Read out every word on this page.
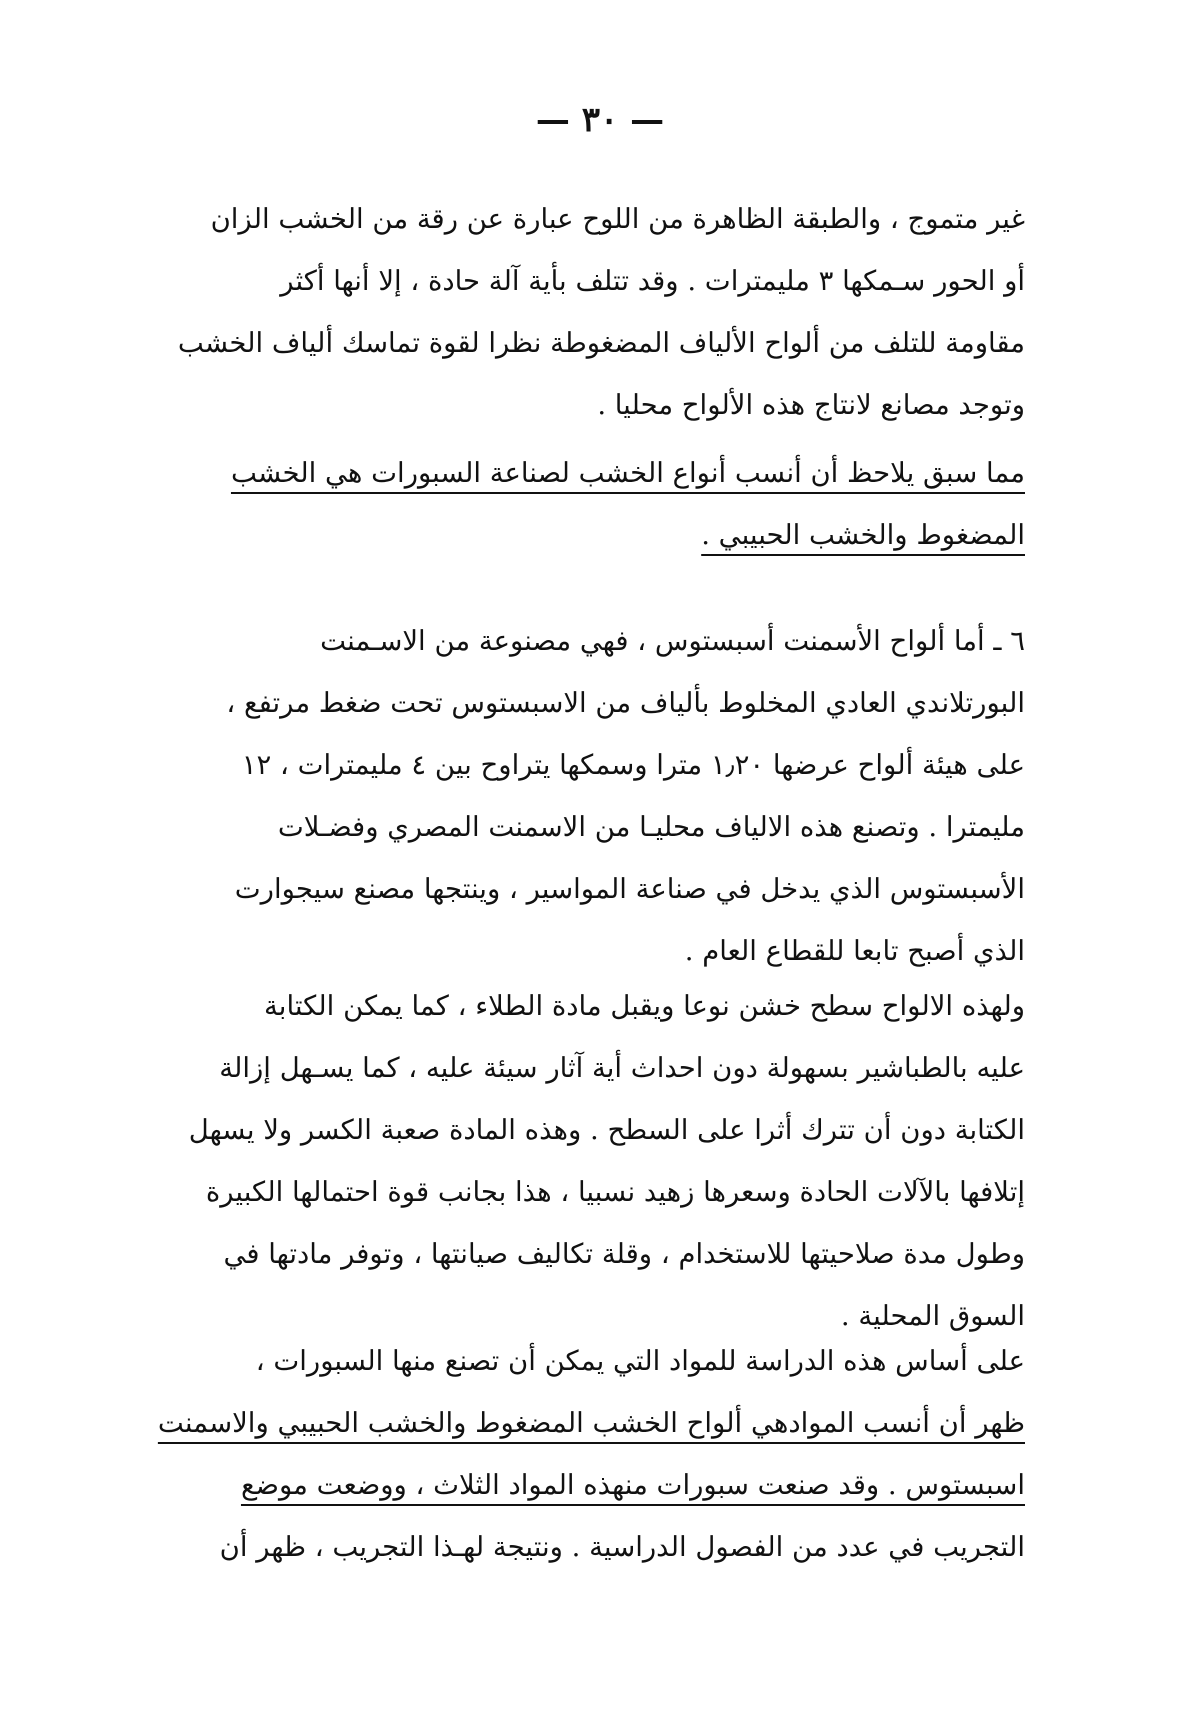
— ٣٠ —
غير متموج ، والطبقة الظاهرة من اللوح عبارة عن رقة من الخشب الزان
أو الحور سـمكها ٣ مليمترات . وقد تتلف بأية آلة حادة ، إلا أنها أكثر
مقاومة للتلف من ألواح الألياف المضغوطة نظرا لقوة تماسك ألياف الخشب
وتوجد مصانع لانتاج هذه الألواح محليا .
مما سبق يلاحظ أن أنسب أنواع الخشب لصناعة السبورات هي الخشب
المضغوط والخشب الحبيبي .
٦ ـ أما ألواح الأسمنت أسبستوس ، فهي مصنوعة من الاسـمنت
البورتلاندي العادي المخلوط بألياف من الاسبستوس تحت ضغط مرتفع ،
على هيئة ألواح عرضها ١٫٢٠ مترا وسمكها يتراوح بين ٤ مليمترات ، ١٢
مليمترا . وتصنع هذه الالياف محليـا من الاسمنت المصري وفضـلات
الأسبستوس الذي يدخل في صناعة المواسير ، وينتجها مصنع سيجوارت
الذي أصبح تابعا للقطاع العام .
ولهذه الالواح سطح خشن نوعا ويقبل مادة الطلاء ، كما يمكن الكتابة
عليه بالطباشير بسهولة دون احداث أية آثار سيئة عليه ، كما يسـهل إزالة
الكتابة دون أن تترك أثرا على السطح . وهذه المادة صعبة الكسر ولا يسهل
إتلافها بالآلات الحادة وسعرها زهيد نسبيا ، هذا بجانب قوة احتمالها الكبيرة
وطول مدة صلاحيتها للاستخدام ، وقلة تكاليف صيانتها ، وتوفر مادتها في
السوق المحلية .
على أساس هذه الدراسة للمواد التي يمكن أن تصنع منها السبورات ،
ظهر أن أنسب الموادهي ألواح الخشب المضغوط والخشب الحبيبي والاسمنت
اسبستوس . وقد صنعت سبورات منهذه المواد الثلاث ، ووضعت موضع
التجريب في عدد من الفصول الدراسية . ونتيجة لهـذا التجريب ، ظهر أن
